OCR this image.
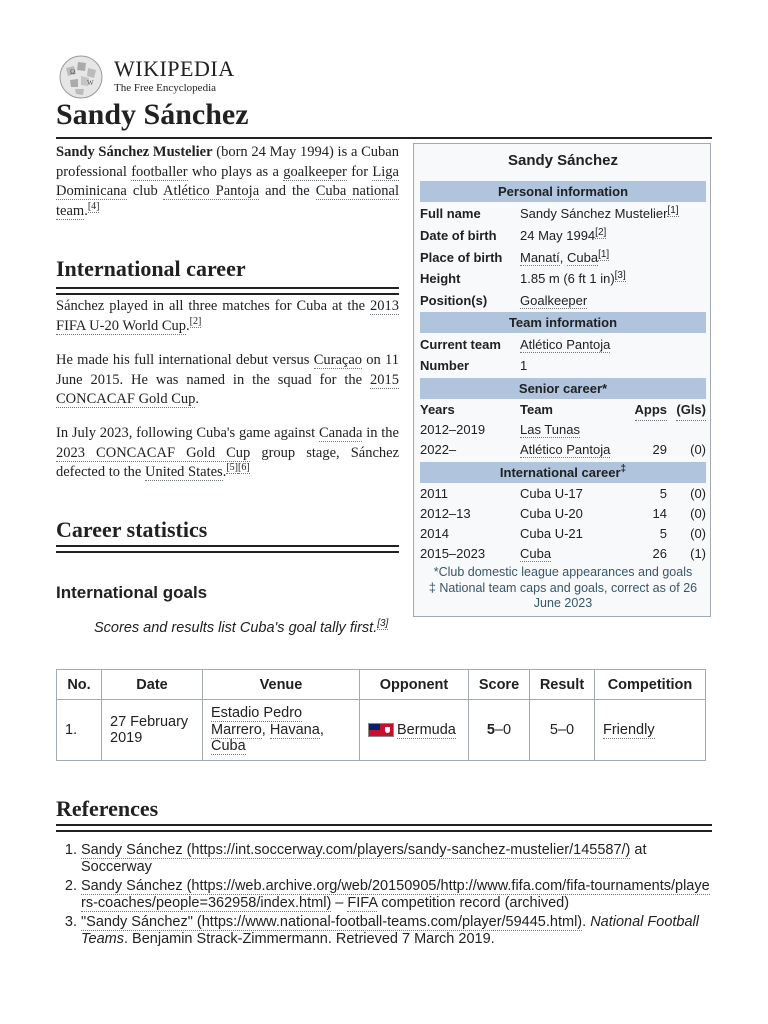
Ω
W
WIKIPEDIA
The Free Encyclopedia
Sandy Sánchez

Sandy Sánchez Mustelier (born 24 May 1994) is a Cuban professional footballer who plays as a goalkeeper for Liga Dominicana club Atlético Pantoja and the Cuba national team.[4]

International career

Sánchez played in all three matches for Cuba at the 2013 FIFA U-20 World Cup.[2]

He made his full international debut versus Curaçao on 11 June 2015. He was named in the squad for the 2015 CONCACAF Gold Cup.

In July 2023, following Cuba's game against Canada in the 2023 CONCACAF Gold Cup group stage, Sánchez defected to the United States.[5][6]

Career statistics
International goals
Scores and results list Cuba's goal tally first.[3]
Sandy Sánchez
Personal information
Full name	Sandy Sánchez Mustelier[1]
Date of birth 24 May 1994[2]
Place of birth Manatí, Cuba[1]
Height	1.85 m (6 ft 1 in)[3]
Position(s)	Goalkeeper
Team information
Current team Atlético Pantoja
Number	1
Senior career*
Years	Team	Apps (Gls)
2012–2019	Las Tunas
2022–	Atlético Pantoja	29 (0)
International career‡
2011	Cuba U-17	5 (0)
2012–13	Cuba U-20	14 (0)
2014	Cuba U-21	5 (0)
2015–2023	Cuba	26 (1)
*Club domestic league appearances and goals
‡ National team caps and goals, correct as of 26 June 2023
No.	Date	Venue	Opponent	Score	Result	Competition
1.	27 February 2019	Estadio Pedro Marrero, Havana, Cuba	Bermuda	5–0	5–0	Friendly
References
1. Sandy Sánchez (https://int.soccerway.com/players/sandy-sanchez-mustelier/145587/) at Soccerway
2. Sandy Sánchez (https://web.archive.org/web/20150905/http://www.fifa.com/fifa-tournaments/players-coaches/people=362958/index.html) – FIFA competition record (archived)
3. "Sandy Sánchez" (https://www.national-football-teams.com/player/59445.html). National Football Teams. Benjamin Strack-Zimmermann. Retrieved 7 March 2019.
